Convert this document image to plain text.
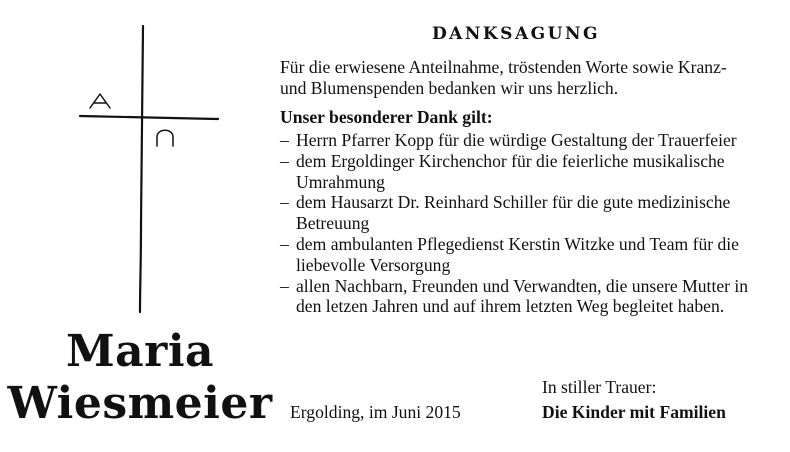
Maria
Wiesmeier
DANKSAGUNG
Für die erwiesene Anteilnahme, tröstenden Worte sowie Kranz- und Blumenspenden bedanken wir uns herzlich.
Unser besonderer Dank gilt:
– Herrn Pfarrer Kopp für die würdige Gestaltung der Trauerfeier
– dem Ergoldinger Kirchenchor für die feierliche musikalische Umrahmung
– dem Hausarzt Dr. Reinhard Schiller für die gute medizinische Betreuung
– dem ambulanten Pflegedienst Kerstin Witzke und Team für die liebevolle Versorgung
– allen Nachbarn, Freunden und Verwandten, die unsere Mutter in den letzen Jahren und auf ihrem letzten Weg begleitet haben.
In stiller Trauer:
Ergolding, im Juni 2015	Die Kinder mit Familien
